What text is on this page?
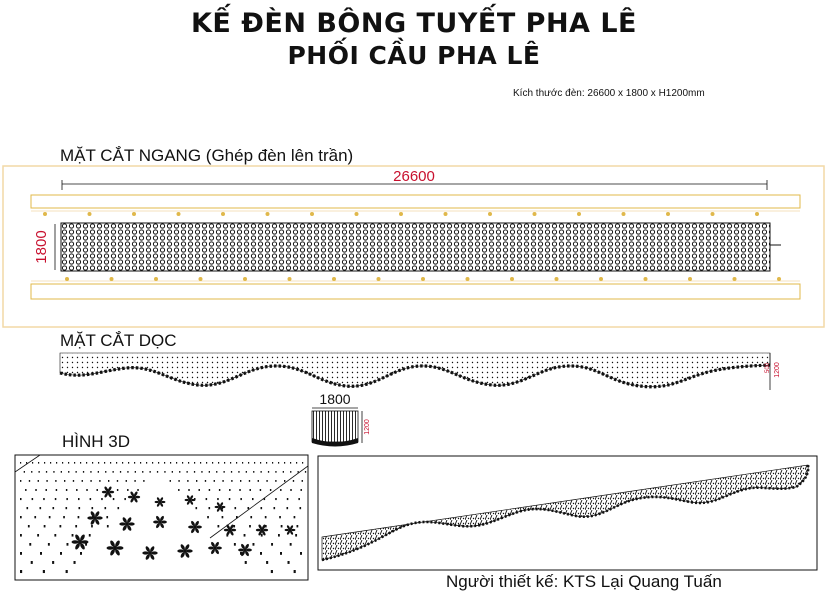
KẾ ĐÈN BÔNG TUYẾT PHA LÊ
PHỐI CẦU PHA LÊ
Kích thước đèn: 26600 x 1800 x H1200mm
MẶT CẮT NGANG (Ghép đèn lên trần)
MẶT CẮT DỌC
HÌNH 3D
Người thiết kế: KTS Lại Quang Tuấn
26600
1800
500 1200
1800
1200
